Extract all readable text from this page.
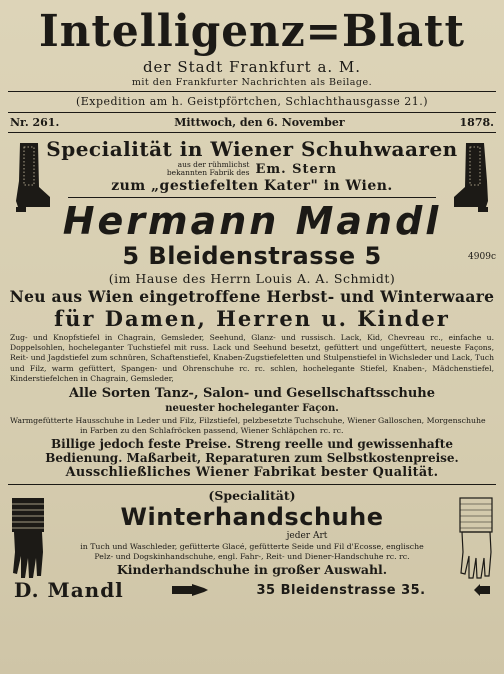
Intelligenz=Blatt
der Stadt Frankfurt a. M.
mit den Frankfurter Nachrichten als Beilage.
(Expedition am h. Geistpförtchen, Schlachthausgasse 21.)
Nr. 261.	Mittwoch, den 6. November	1878.
Specialität in Wiener Schuhwaaren
aus der rühmlichst
bekannten Fabrik des Em. Stern
zum „gestiefelten Kater" in Wien.
Hermann Mandl
5 Bleidenstrasse 5	4909c
(im Hause des Herrn Louis A. A. Schmidt)
Neu aus Wien eingetroffene Herbst- und Winterwaare
für Damen, Herren u. Kinder
Zug- und Knopfstiefel in Chagrain, Gemsleder, Seehund, Glanz- und russisch. Lack, Kid, Chevreau rc., einfache u. Doppelsohlen, hocheleganter Tuchstiefel mit russ. Lack und Seehund besetzt, gefüttert und ungefüttert, neueste Façons, Reit- und Jagdstiefel zum schnüren, Schaftenstiefel, Knaben-Zugstiefeletten und Stulpenstiefel in Wichsleder und Lack, Tuch und Filz, warm gefüttert, Spangen- und Ohrenschuhe rc. rc. schlen, hochelegante Stiefel, Knaben-, Mädchenstiefel, Kinderstiefelchen in Chagrain, Gemsleder,
Alle Sorten Tanz-, Salon- und Gesellschaftsschuhe
neuester hocheleganter Façon.
Warmgefütterte Hausschuhe in Leder und Filz, Filzstiefel, pelzbesetzte Tuchschuhe, Wiener Galloschen, Morgenschuhe
in Farben zu den Schlafröcken passend, Wiener Schläpchen rc. rc.
Billige jedoch feste Preise. Streng reelle und gewissenhafte
Bedienung. Maßarbeit, Reparaturen zum Selbstkostenpreise.
Ausschließliches Wiener Fabrikat bester Qualität.
(Specialität)
Winterhandschuhe
jeder Art
in Tuch und Waschleder, gefütterte Glacé, gefütterte Seide und Fil d'Ecosse, englische
Pelz- und Dogskinhandschuhe, engl. Fahr-, Reit- und Diener-Handschuhe rc. rc.
Kinderhandschuhe in großer Auswahl.
D. Mandl	35 Bleidenstrasse 35.
